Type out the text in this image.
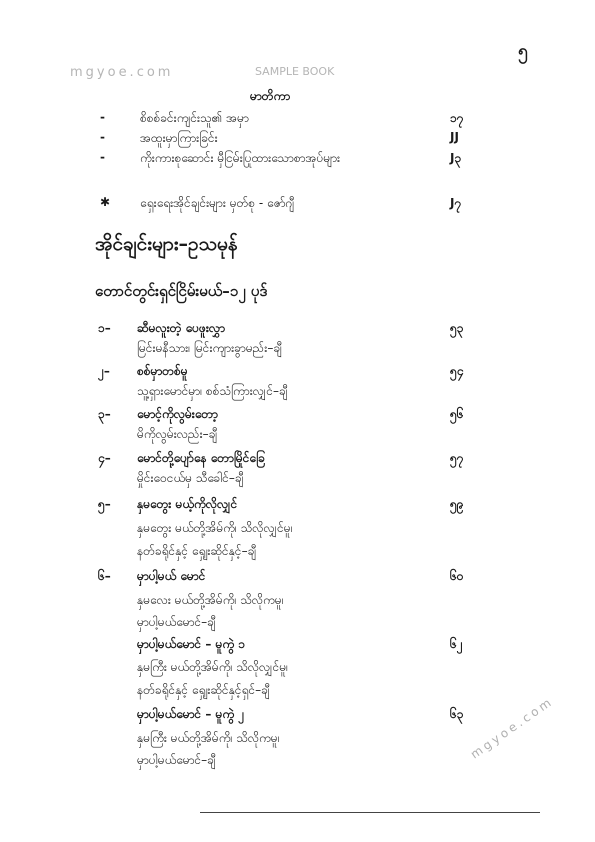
၅
mgyoe.com	SAMPLE BOOK
မာတိကာ
-	စိစစ်ခင်းကျင်းသူ၏ အမှာ	၁၇
-	အထူးမှာကြားခြင်း	JJ
-	ကိုးကားစုဆောင်း မှီငြမ်းပြုထားသောစာအုပ်များ	J၃
✱ ရှေးရေးအိုင်ချင်းများ မှတ်စု - ဇော်ဂျီ	J၇
အိုင်ချင်းများ–ဥသမုန်
တောင်တွင်းရှင်ငြိမ်းမယ်–၁၂ ပုဒ်
၁– ဆီမလူးတဲ့ ပေဖူးလွှာ	၅၃
မြင်းမနီသား၊ မြင်းကျားခွာမည်း–ချီ
၂– စစ်မှာတစ်မူ	၅၄
သူ့ရှားမောင်မှာ၊ စစ်သံကြားလျှင်–ချီ
၃– မောင့်ကိုလွမ်းတော့	၅၆
မိကိုလွမ်းလည်း–ချီ
၄– မောင်တို့ပျော်နေ တောမြိုင်ခြေ	၅၇
မှိုင်းဝေငယ်မှ သီခေါင်–ချီ
၅– နှမတွေး မယ့်ကိုလိုလျှင်	၅၉
နှမတွေး မယ်တို့အိမ်ကို၊ သိလိုလျှင်မူ၊
နတ်ခရိုင်နှင့် ရျှေးဆိုင်နှင့်–ချီ
၆– မှာပါ့မယ် မောင်	၆၀
နှမလေး မယ်တို့အိမ်ကို၊ သိလိုကမူ၊
မှာပါ့မယ်မောင်–ချီ
မှာပါ့မယ်မောင် – မူကွဲ ၁	၆၂
နှမကြီး မယ်တို့အိမ်ကို၊ သိလိုလျှင်မူ၊
နတ်ခရိုင်နှင့် ရျှေးဆိုင်နှင့်ရှင်–ချီ
မှာပါ့မယ်မောင် – မူကွဲ ၂	၆၃
နှမကြီး မယ်တို့အိမ်ကို၊ သိလိုကမူ၊
မှာပါ့မယ်မောင်–ချီ	mgyoe.com
